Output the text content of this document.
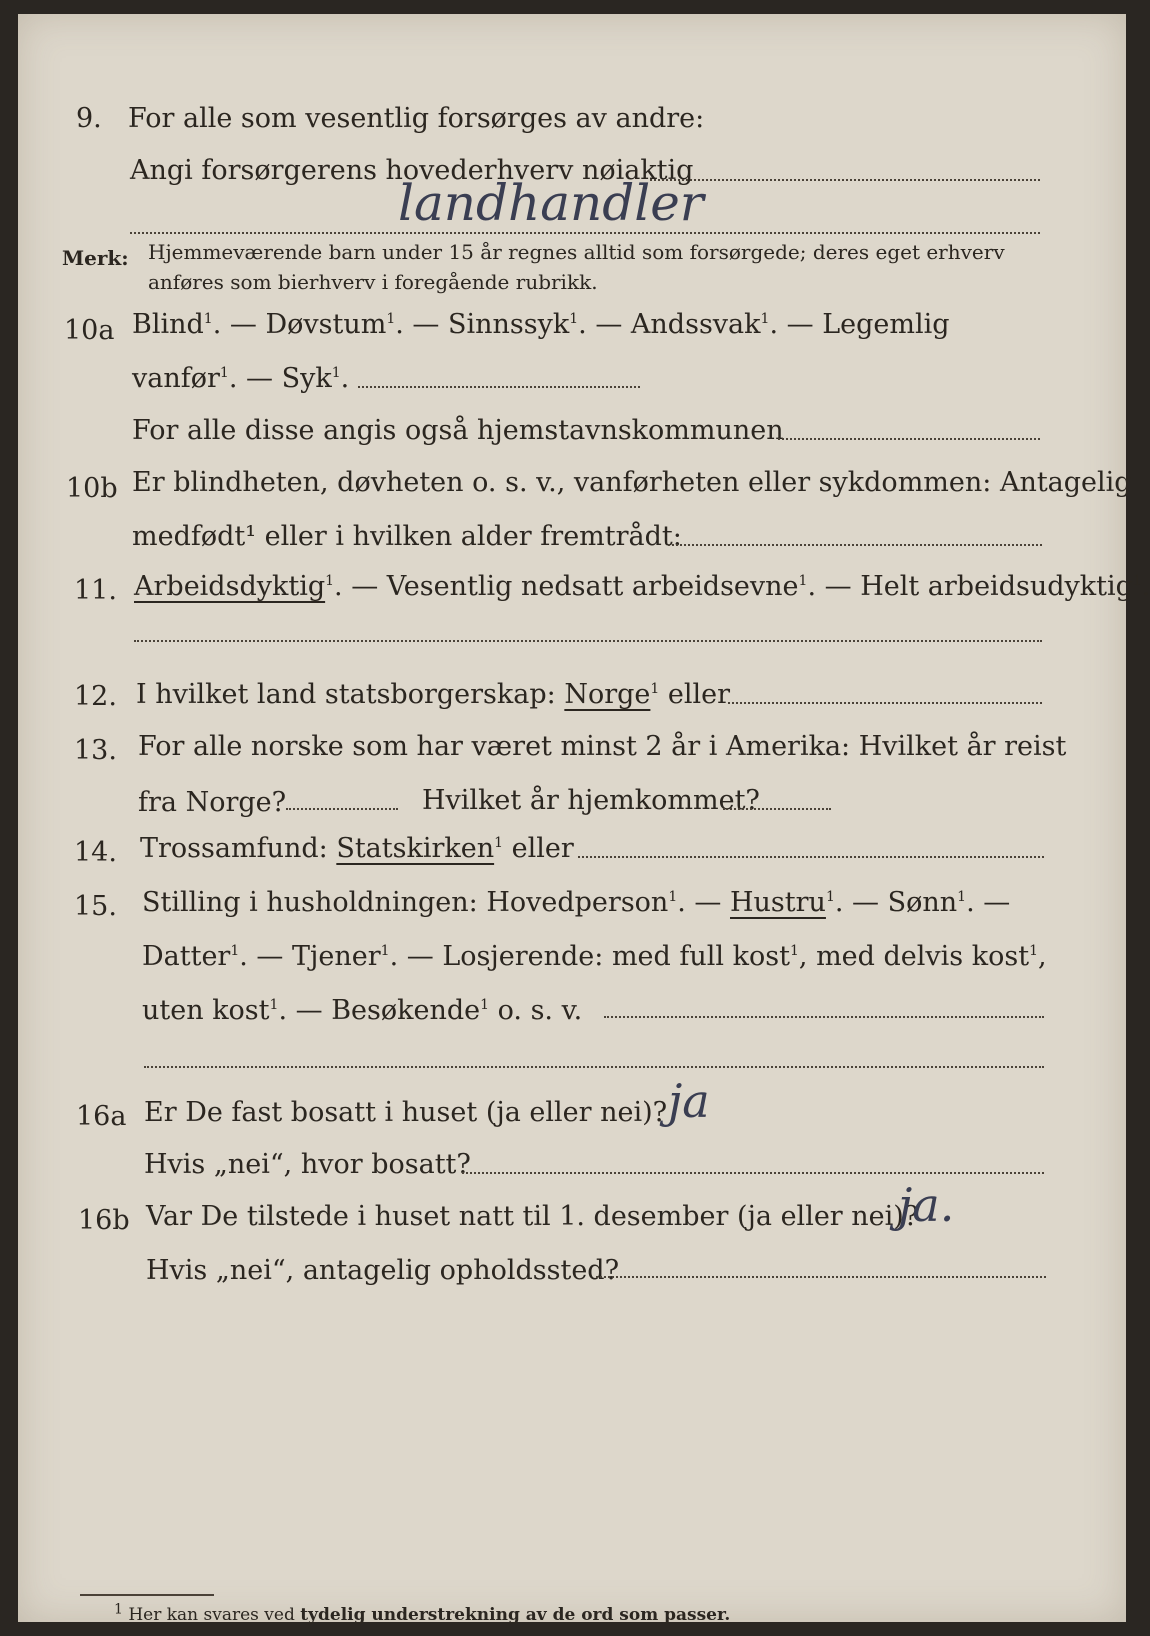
9. For alle som vesentlig forsørges av andre:
Angi forsørgerens hovederhverv nøiaktig
landhandler
Merk: Hjemmeværende barn under 15 år regnes alltid som forsørgede; deres eget erhverv
anføres som bierhverv i foregående rubrikk.
10a Blind$^1$. — Døvstum$^1$. — Sinnssyk$^1$. — Andssvak$^1$. — Legemlig
vanfør$^1$. — Syk$^1$.
For alle disse angis også hjemstavnskommunen
10b Er blindheten, døvheten o. s. v., vanførheten eller sykdommen: Antagelig
medfødt¹ eller i hvilken alder fremtrådt:
11. Arbeidsdyktig$^1$. — Vesentlig nedsatt arbeidsevne$^1$. — Helt arbeidsudyktig$^1$.
12. I hvilket land statsborgerskap: Norge$^1$ eller
13. For alle norske som har været minst 2 år i Amerika: Hvilket år reist
fra Norge?	Hvilket år hjemkommet?
14. Trossamfund: Statskirken$^1$ eller
15. Stilling i husholdningen: Hovedperson$^1$. — Hustru$^1$. — Sønn$^1$. —
Datter$^1$. — Tjener$^1$. — Losjerende: med full kost$^1$, med delvis kost$^1$,
uten kost$^1$. — Besøkende$^1$ o. s. v.
16a Er De fast bosatt i huset (ja eller nei)? ja
Hvis „nei“, hvor bosatt?
16b Var De tilstede i huset natt til 1. desember (ja eller nei)?
ja.
Hvis „nei“, antagelig opholdssted?
$^1$ Her kan svares ved tydelig understrekning av de ord som passer.
